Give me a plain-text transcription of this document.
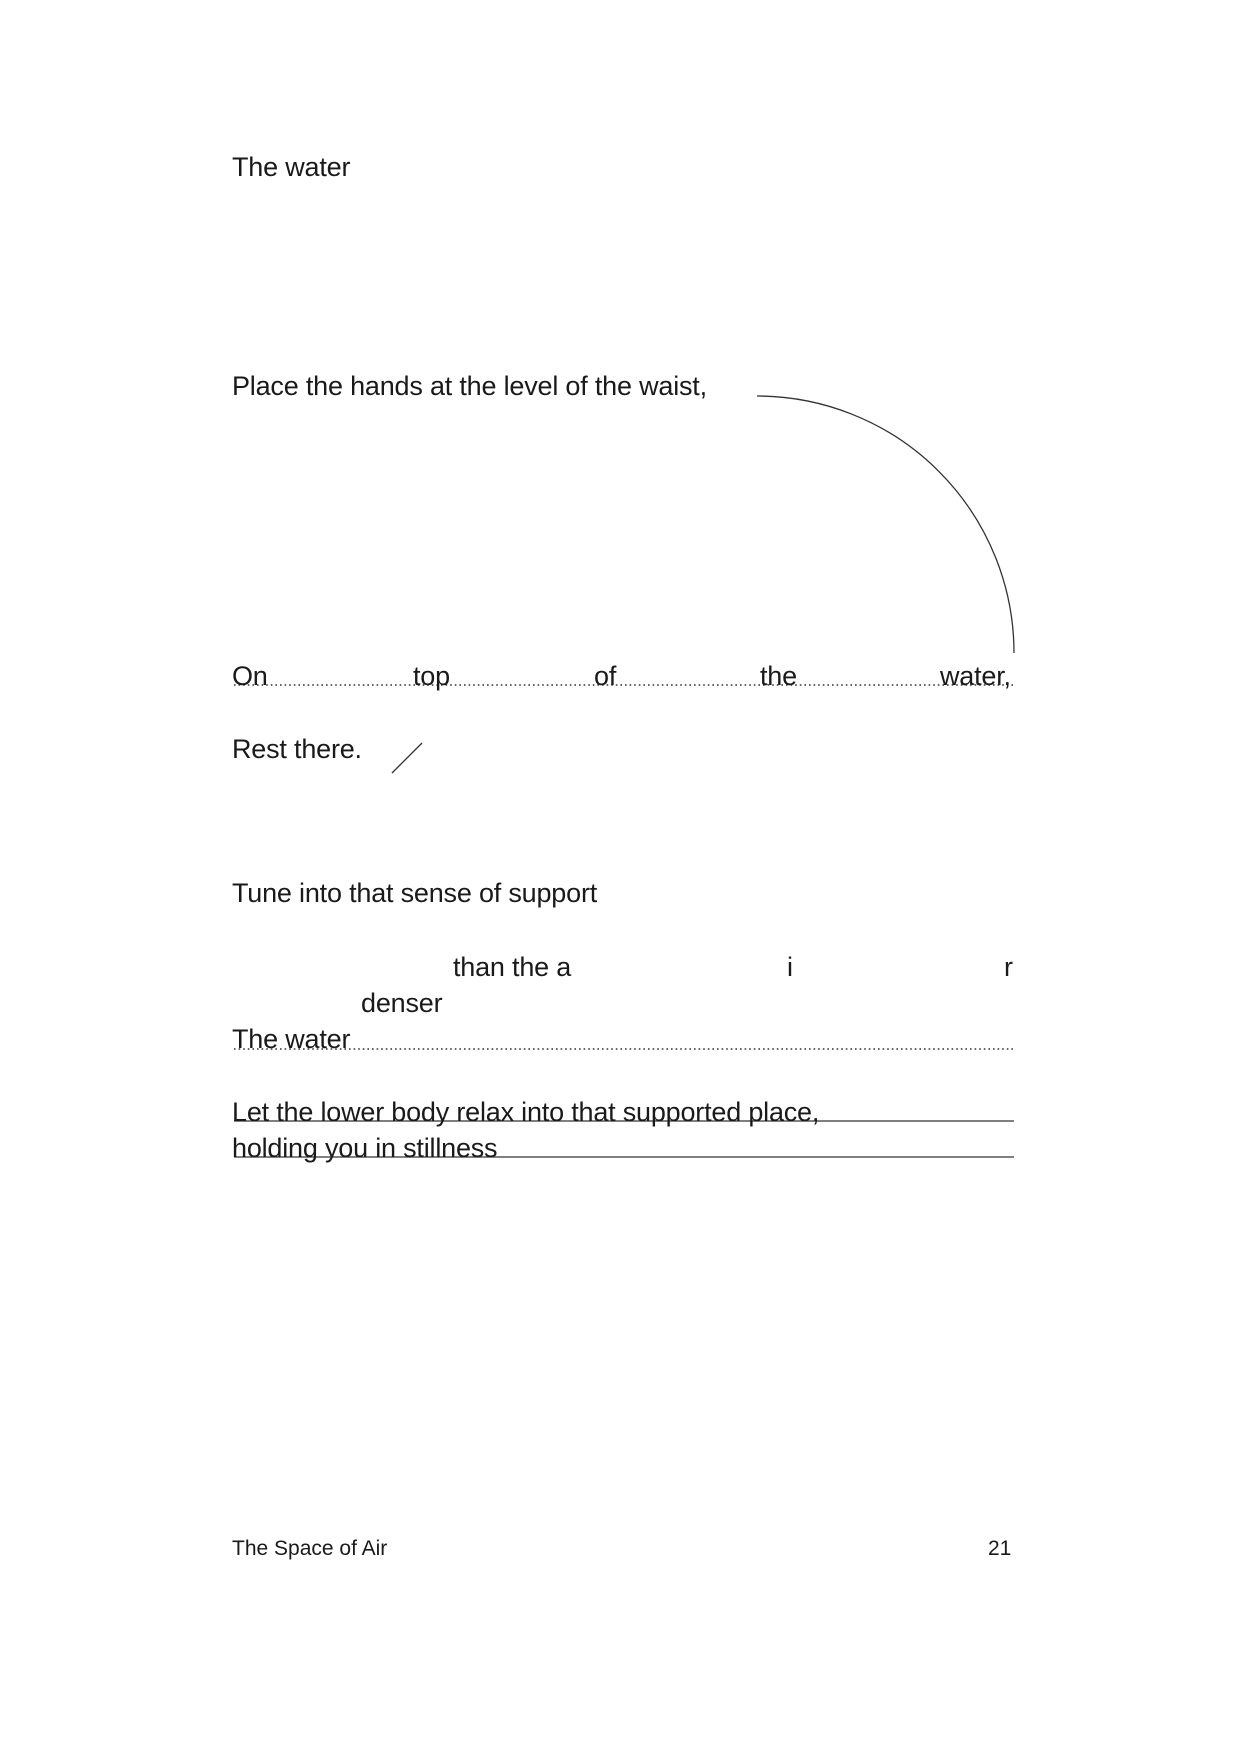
The water
Place the hands at the level of the waist,
On	top	of	the	water,
Rest there.
Tune into that sense of support
than the a	i	r
denser
The water
Let the lower body relax into that supported place,
holding you in stillness
The Space of Air	21
